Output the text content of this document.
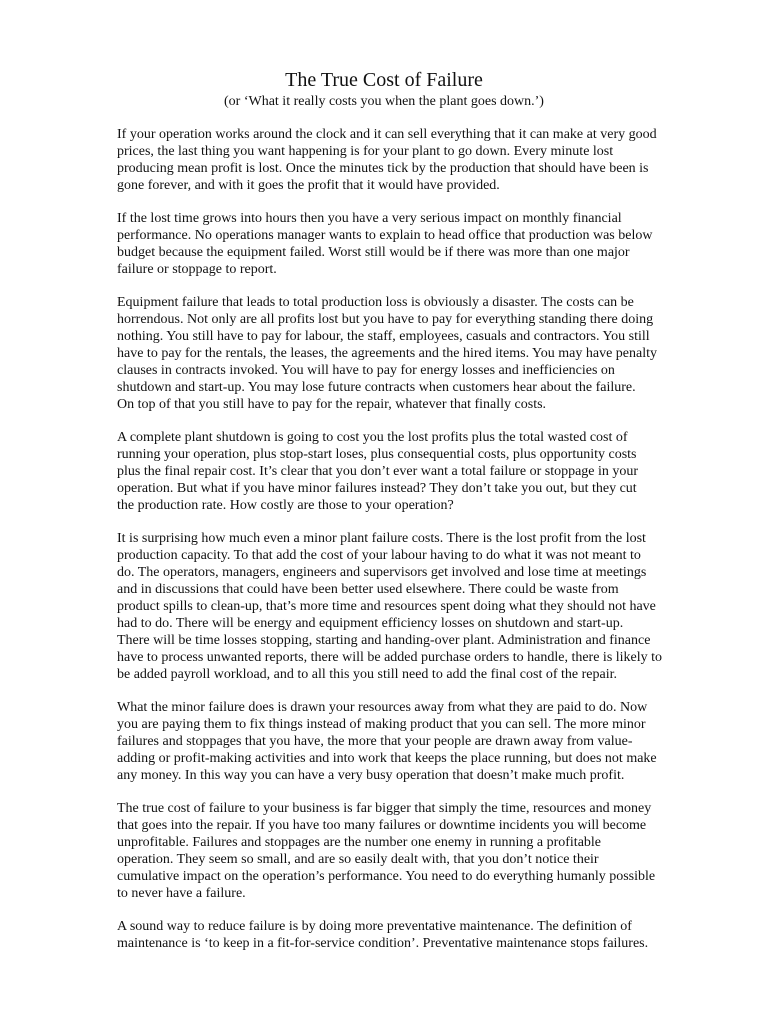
The True Cost of Failure
(or ‘What it really costs you when the plant goes down.’)
If your operation works around the clock and it can sell everything that it can make at very good
prices, the last thing you want happening is for your plant to go down. Every minute lost
producing mean profit is lost. Once the minutes tick by the production that should have been is
gone forever, and with it goes the profit that it would have provided.
If the lost time grows into hours then you have a very serious impact on monthly financial
performance. No operations manager wants to explain to head office that production was below
budget because the equipment failed. Worst still would be if there was more than one major
failure or stoppage to report.
Equipment failure that leads to total production loss is obviously a disaster. The costs can be
horrendous. Not only are all profits lost but you have to pay for everything standing there doing
nothing. You still have to pay for labour, the staff, employees, casuals and contractors. You still
have to pay for the rentals, the leases, the agreements and the hired items. You may have penalty
clauses in contracts invoked. You will have to pay for energy losses and inefficiencies on
shutdown and start-up. You may lose future contracts when customers hear about the failure.
On top of that you still have to pay for the repair, whatever that finally costs.
A complete plant shutdown is going to cost you the lost profits plus the total wasted cost of
running your operation, plus stop-start loses, plus consequential costs, plus opportunity costs
plus the final repair cost. It’s clear that you don’t ever want a total failure or stoppage in your
operation. But what if you have minor failures instead? They don’t take you out, but they cut
the production rate. How costly are those to your operation?
It is surprising how much even a minor plant failure costs. There is the lost profit from the lost
production capacity. To that add the cost of your labour having to do what it was not meant to
do. The operators, managers, engineers and supervisors get involved and lose time at meetings
and in discussions that could have been better used elsewhere. There could be waste from
product spills to clean-up, that’s more time and resources spent doing what they should not have
had to do. There will be energy and equipment efficiency losses on shutdown and start-up.
There will be time losses stopping, starting and handing-over plant. Administration and finance
have to process unwanted reports, there will be added purchase orders to handle, there is likely to
be added payroll workload, and to all this you still need to add the final cost of the repair.
What the minor failure does is drawn your resources away from what they are paid to do. Now
you are paying them to fix things instead of making product that you can sell. The more minor
failures and stoppages that you have, the more that your people are drawn away from value-
adding or profit-making activities and into work that keeps the place running, but does not make
any money. In this way you can have a very busy operation that doesn’t make much profit.
The true cost of failure to your business is far bigger that simply the time, resources and money
that goes into the repair. If you have too many failures or downtime incidents you will become
unprofitable. Failures and stoppages are the number one enemy in running a profitable
operation. They seem so small, and are so easily dealt with, that you don’t notice their
cumulative impact on the operation’s performance. You need to do everything humanly possible
to never have a failure.
A sound way to reduce failure is by doing more preventative maintenance. The definition of
maintenance is ‘to keep in a fit-for-service condition’. Preventative maintenance stops failures.
